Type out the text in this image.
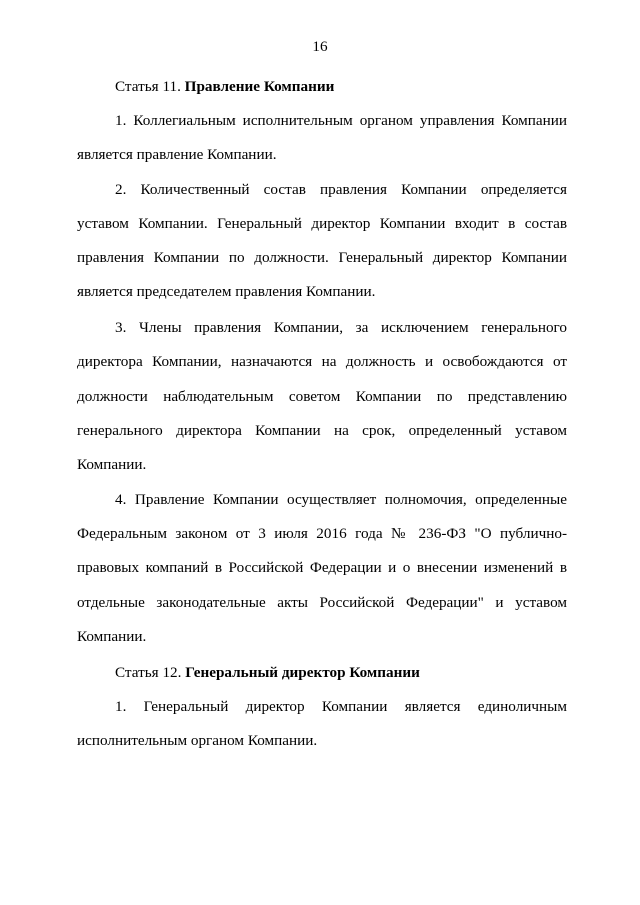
16
Статья 11. Правление Компании
1. Коллегиальным исполнительным органом управления Компании
является правление Компании.
2. Количественный состав правления Компании определяется
уставом Компании. Генеральный директор Компании входит в состав
правления Компании по должности. Генеральный директор Компании
является председателем правления Компании.
3. Члены правления Компании, за исключением генерального
директора Компании, назначаются на должность и освобождаются от
должности наблюдательным советом Компании по представлению
генерального директора Компании на срок, определенный уставом
Компании.
4. Правление Компании осуществляет полномочия, определенные
Федеральным законом от 3 июля 2016 года № 236-ФЗ "О публично-
правовых компаний в Российской Федерации и о внесении изменений в
отдельные законодательные акты Российской Федерации" и уставом
Компании.
Статья 12. Генеральный директор Компании
1. Генеральный директор Компании является единоличным
исполнительным органом Компании.
